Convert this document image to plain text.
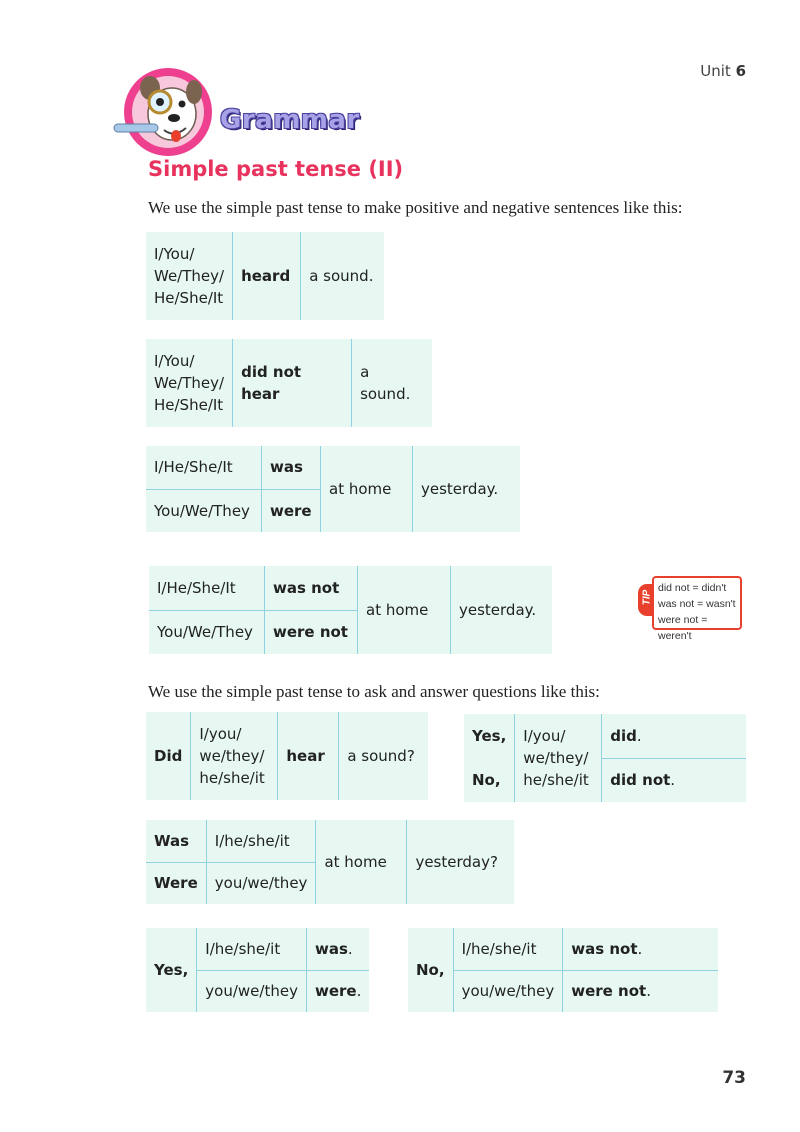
Unit 6
Grammar
Simple past tense (II)
We use the simple past tense to make positive and negative sentences like this:
I/You/
We/They/
He/She/It
	heard	a sound.
I/You/
We/They/
He/She/It
	did not hear	a sound.
I/He/She/It	was	at home	yesterday.
You/We/They	were		
I/He/She/It	was not	at home	yesterday.
You/We/They	were not		
TIP
did not = didn't
was not = wasn't
were not = weren't
We use the simple past tense to ask and answer questions like this:
Did	
I/you/
we/they/
he/she/it
	hear	a sound?
Yes,	I/you/
we/they/
he/she/it	did.
No,		did not.
Was	I/he/she/it	at home	yesterday?
Were	you/we/they		
Yes,	I/he/she/it	was.
	you/we/they	were.
No,	I/he/she/it	was not.
	you/we/they	were not.
73
